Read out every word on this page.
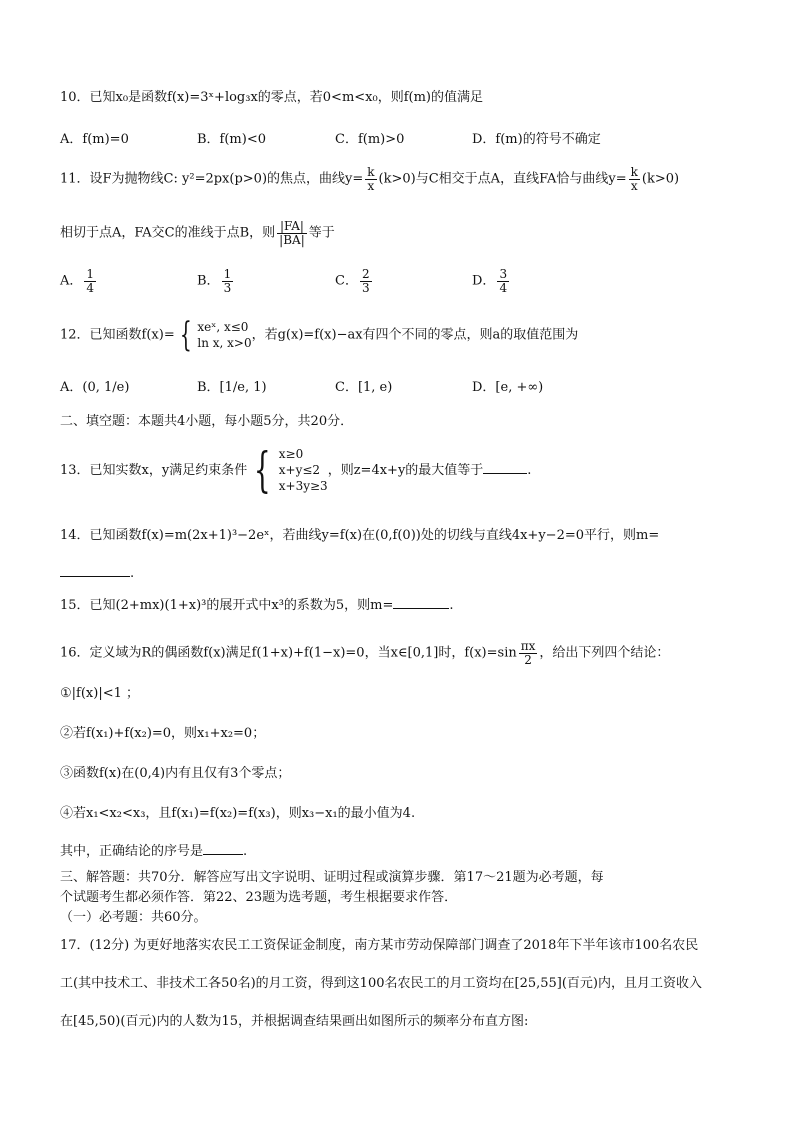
10．已知x₀是函数f(x)=3ˣ+log₃x的零点，若0<m<x₀，则f(m)的值满足
A．f(m)=0	B．f(m)<0	C．f(m)>0	D．f(m)的符号不确定
11．设F为抛物线C: y²=2px(p>0)的焦点，曲线$y= \frac{k}{x} (k>0)$与C相交于点A，直线FA恰与曲线$y= \frac{k}{x} (k>0)$
相切于点A，FA交C的准线于点B，则 $\frac{|FA|}{|BA|}$ 等于
A． $\frac{1}{4}$	B． $\frac{1}{3}$	C． $\frac{2}{3}$	D． $\frac{3}{4}$
12．已知函数f(x)= { xeˣ, x≤0
ln x, x>0
，若g(x)=f(x)−ax有四个不同的零点，则a的取值范围为
A．(0, 1/e)	B．[1/e, 1)	C．[1, e)	D．[e, +∞)
二、填空题：本题共4小题，每小题5分，共20分．
13．已知实数x，y满足约束条件 { x≥0
x+y≤2
x+3y≥3
，则z=4x+y的最大值等于	.
14．已知函数f(x)=m(2x+1)³−2eˣ，若曲线y=f(x)在(0,f(0))处的切线与直线4x+y−2=0平行，则m=
.
15．已知(2+mx)(1+x)³的展开式中x³的系数为5，则m=	.
16．定义域为R的偶函数f(x)满足f(1+x)+f(1−x)=0，当x∈[0,1]时，$f(x)=\sin \frac{\pi x}{2}$ ，给出下列四个结论：
①|f(x)|<1 ；
②若f(x₁)+f(x₂)=0，则x₁+x₂=0；
③函数f(x)在(0,4)内有且仅有3个零点；
④若x₁<x₂<x₃，且f(x₁)=f(x₂)=f(x₃)，则x₃−x₁的最小值为4.
其中，正确结论的序号是	.
三、解答题：共70分．解答应写出文字说明、证明过程或演算步骤．第17～21题为必考题，每
个试题考生都必须作答．第22、23题为选考题，考生根据要求作答．
（一）必考题：共60分。
17．(12分) 为更好地落实农民工工资保证金制度，南方某市劳动保障部门调查了2018年下半年该市100名农民
工(其中技术工、非技术工各50名)的月工资，得到这100名农民工的月工资均在[25,55](百元)内，且月工资收入
在[45,50)(百元)内的人数为15，并根据调查结果画出如图所示的频率分布直方图:
